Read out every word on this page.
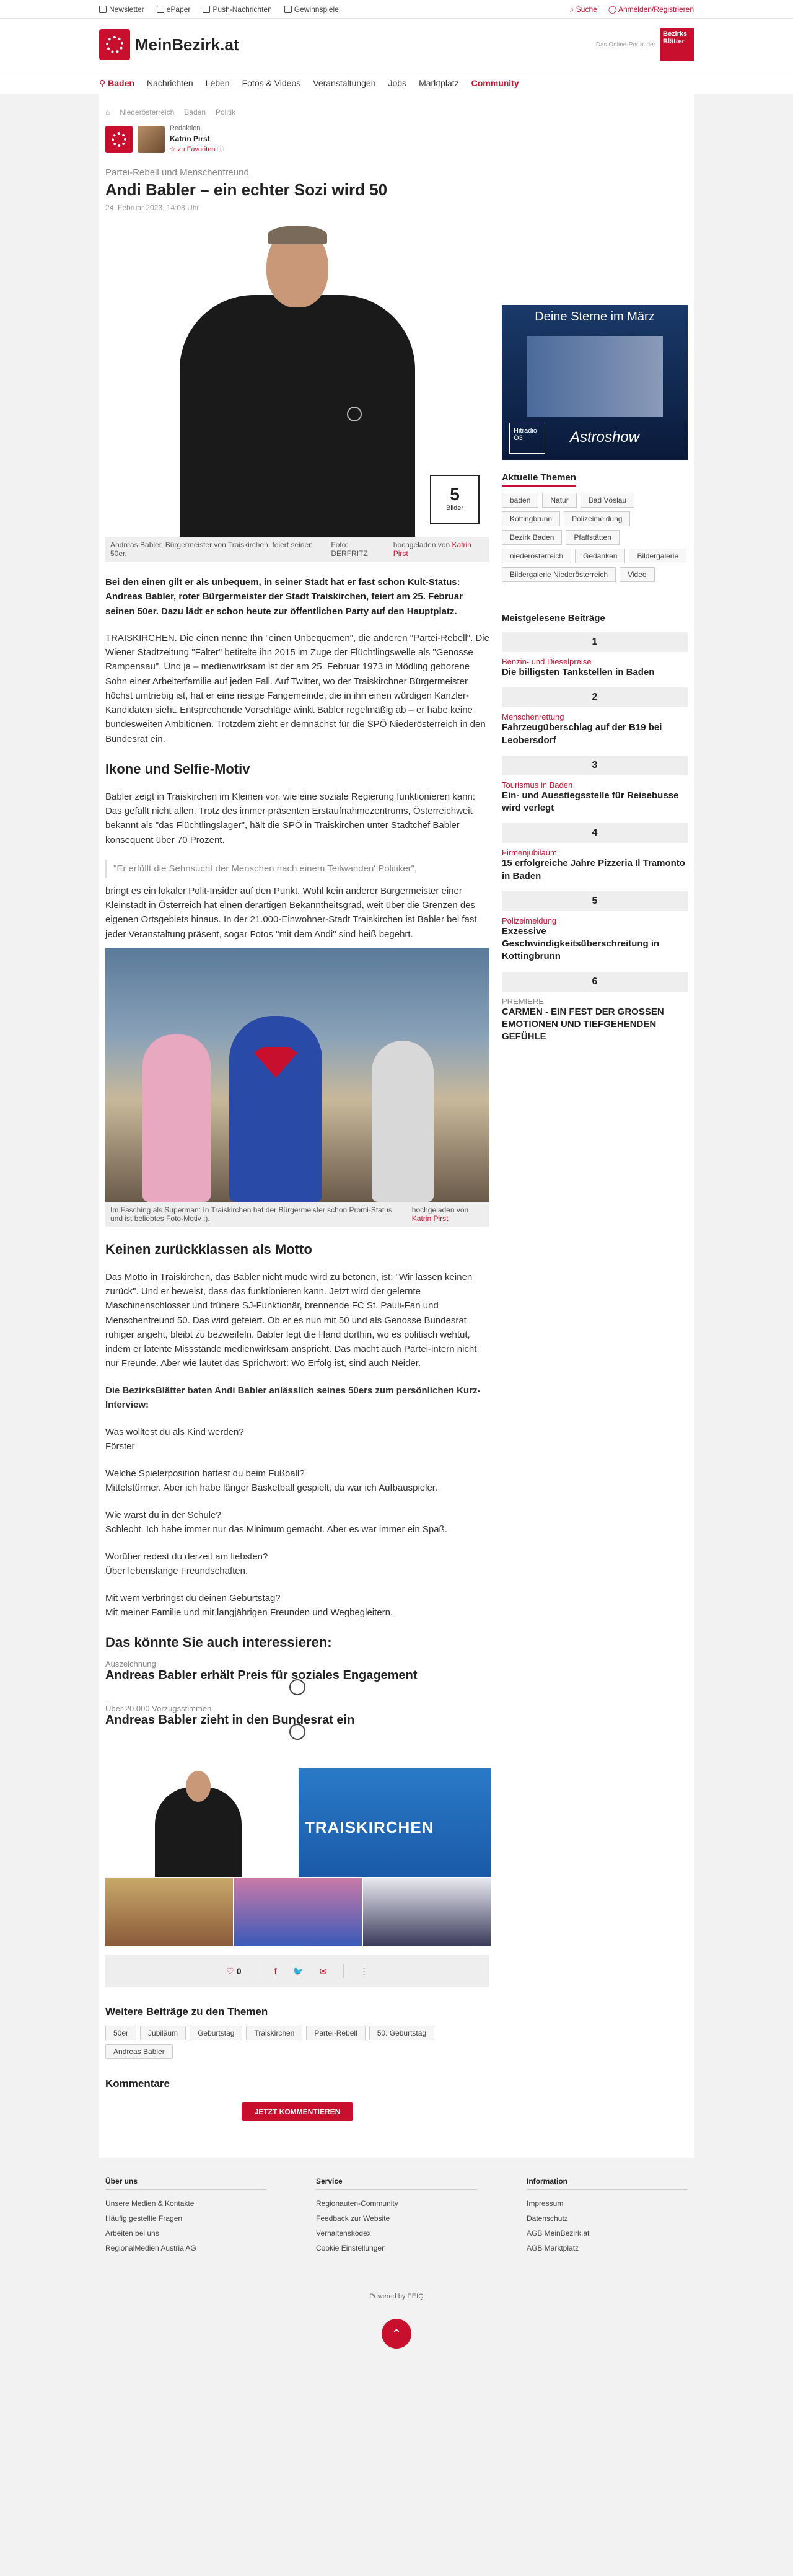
Newsletter	ePaper	Push-Nachrichten	Gewinnspiele	⌕ Suche ◯ Anmelden/Registrieren
MeinBezirk.at	Das Online-Portal der
Bezirks Blätter
⚲ Baden Nachrichten Leben Fotos & Videos Veranstaltungen Jobs Marktplatz Community
⌂ Niederösterreich Baden Politik
Redaktion
Katrin Pirst
☆ zu Favoriten ⓘ
Partei-Rebell und Menschenfreund
Andi Babler – ein echter Sozi wird 50
24. Februar 2023, 14:08 Uhr
5
Bilder
Andreas Babler, Bürgermeister von Traiskirchen, feiert seinen 50er.
Foto: DERFRITZ
hochgeladen von Katrin Pirst

Bei den einen gilt er als unbequem, in seiner Stadt hat er fast schon Kult-Status: Andreas Babler, roter Bürgermeister der Stadt Traiskirchen, feiert am 25. Februar seinen 50er. Dazu lädt er schon heute zur öffentlichen Party auf den Hauptplatz.

TRAISKIRCHEN. Die einen nenne Ihn "einen Unbequemen", die anderen "Partei-Rebell". Die Wiener Stadtzeitung "Falter" betitelte ihn 2015 im Zuge der Flüchtlingswelle als "Genosse Rampensau". Und ja – medienwirksam ist der am 25. Februar 1973 in Mödling geborene Sohn einer Arbeiterfamilie auf jeden Fall. Auf Twitter, wo der Traiskirchner Bürgermeister höchst umtriebig ist, hat er eine riesige Fangemeinde, die in ihn einen würdigen Kanzler-Kandidaten sieht. Entsprechende Vorschläge winkt Babler regelmäßig ab – er habe keine bundesweiten Ambitionen. Trotzdem zieht er demnächst für die SPÖ Niederösterreich in den Bundesrat ein.

Ikone und Selfie-Motiv

Babler zeigt in Traiskirchen im Kleinen vor, wie eine soziale Regierung funktionieren kann: Das gefällt nicht allen. Trotz des immer präsenten Erstaufnahmezentrums, Österreichweit bekannt als "das Flüchtlingslager", hält die SPÖ in Traiskirchen unter Stadtchef Babler konsequent über 70 Prozent.

"Er erfüllt die Sehnsucht der Menschen nach einem Teilwanden' Politiker",

bringt es ein lokaler Polit-Insider auf den Punkt. Wohl kein anderer Bürgermeister einer Kleinstadt in Österreich hat einen derartigen Bekanntheitsgrad, weit über die Grenzen des eigenen Ortsgebiets hinaus. In der 21.000-Einwohner-Stadt Traiskirchen ist Babler bei fast jeder Veranstaltung präsent, sogar Fotos "mit dem Andi" sind heiß begehrt.

Im Fasching als Superman: In Traiskirchen hat der Bürgermeister schon Promi-Status und ist beliebtes Foto-Motiv :).
hochgeladen von Katrin Pirst
Keinen zurückklassen als Motto

Das Motto in Traiskirchen, das Babler nicht müde wird zu betonen, ist: "Wir lassen keinen zurück". Und er beweist, dass das funktionieren kann. Jetzt wird der gelernte Maschinenschlosser und frühere SJ-Funktionär, brennende FC St. Pauli-Fan und Menschenfreund 50. Das wird gefeiert. Ob er es nun mit 50 und als Genosse Bundesrat ruhiger angeht, bleibt zu bezweifeln. Babler legt die Hand dorthin, wo es politisch wehtut, indem er latente Missstände medienwirksam anspricht. Das macht auch Partei-intern nicht nur Freunde. Aber wie lautet das Sprichwort: Wo Erfolg ist, sind auch Neider.

Die BezirksBlätter baten Andi Babler anlässlich seines 50ers zum persönlichen Kurz-Interview:

Was wolltest du als Kind werden?
Förster
Welche Spielerposition hattest du beim Fußball?
Mittelstürmer. Aber ich habe länger Basketball gespielt, da war ich Aufbauspieler.
Wie warst du in der Schule?
Schlecht. Ich habe immer nur das Minimum gemacht. Aber es war immer ein Spaß.
Worüber redest du derzeit am liebsten?
Über lebenslange Freundschaften.
Mit wem verbringst du deinen Geburtstag?
Mit meiner Familie und mit langjährigen Freunden und Wegbegleitern.
Das könnte Sie auch interessieren:
Auszeichnung
Andreas Babler erhält Preis für soziales Engagement
Über 20.000 Vorzugsstimmen
Andreas Babler zieht in den Bundesrat ein
TRAISKIRCHEN
♡ 0	f 🐦 ✉	⋮
Weitere Beiträge zu den Themen
50er	Jubiläum	Geburtstag	Traiskirchen	Partei-Rebell	50. Geburtstag
Andreas Babler
Kommentare
JETZT KOMMENTIEREN
Deine Sterne im März
Hitradio Ö3	Astroshow
Aktuelle Themen
baden	Natur	Bad Vöslau
Kottingbrunn	Polizeimeldung
Bezirk Baden	Pfaffstätten
niederösterreich	Gedanken	Bildergalerie
Bildergalerie Niederösterreich	Video
Meistgelesene Beiträge
1
Benzin- und Dieselpreise
Die billigsten Tankstellen in Baden
2
Menschenrettung
Fahrzeugüberschlag auf der B19 bei Leobersdorf
3
Tourismus in Baden
Ein- und Ausstiegsstelle für Reisebusse wird verlegt
4
Firmenjubiläum
15 erfolgreiche Jahre Pizzeria Il Tramonto in Baden
5
Polizeimeldung
Exzessive Geschwindigkeitsüberschreitung in Kottingbrunn
6
PREMIERE
CARMEN - EIN FEST DER GROSSEN EMOTIONEN UND TIEFGEHENDEN GEFÜHLE
Über uns
Unsere Medien & Kontakte
Häufig gestellte Fragen
Arbeiten bei uns
RegionalMedien Austria AG
Service
Regionauten-Community
Feedback zur Website
Verhaltenskodex
Cookie Einstellungen
Information
Impressum
Datenschutz
AGB MeinBezirk.at
AGB Marktplatz
Powered by PEIQ
⌃
